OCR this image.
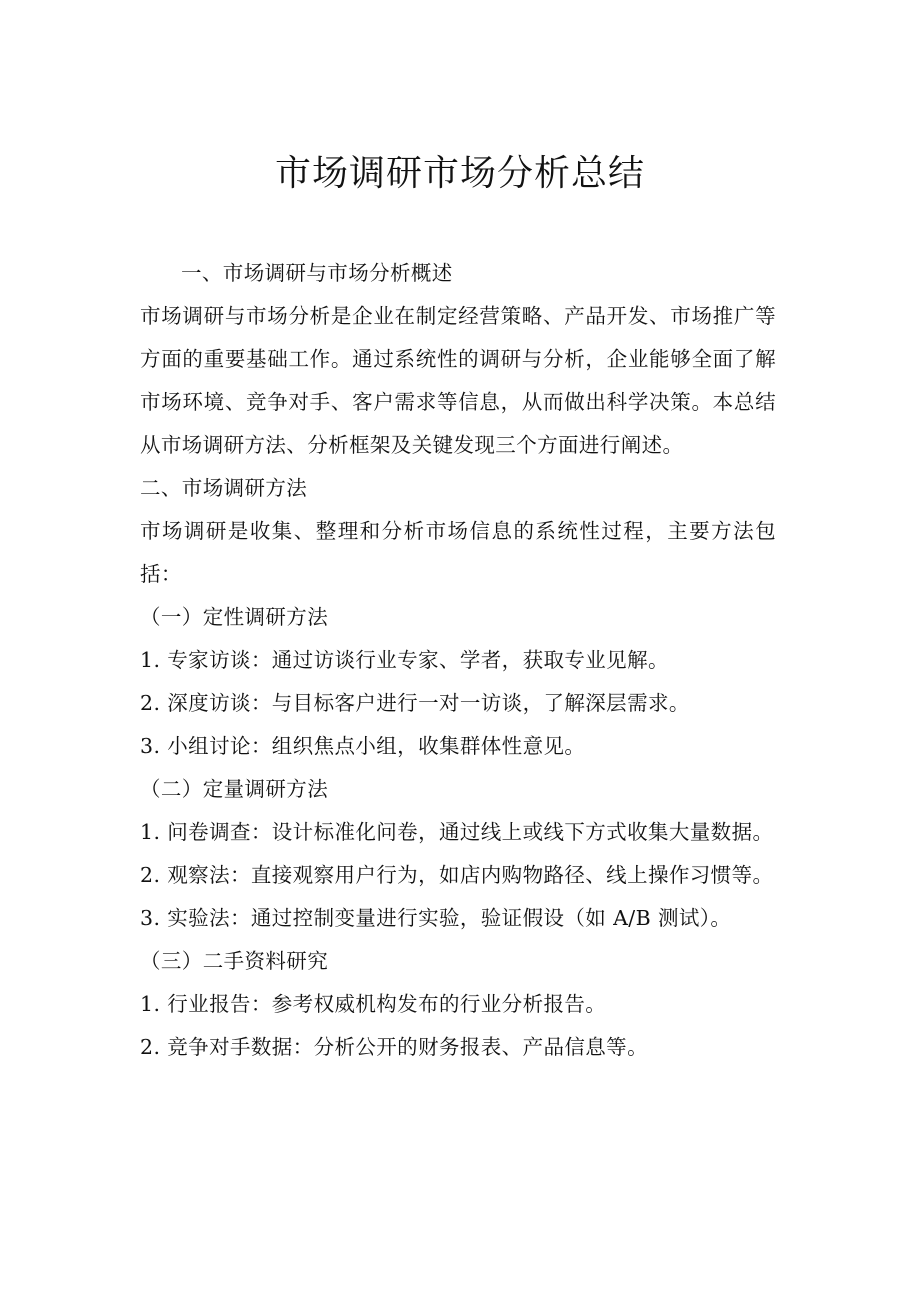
市场调研市场分析总结

一、市场调研与市场分析概述

市场调研与市场分析是企业在制定经营策略、产品开发、市场推广等方面的重要基础工作。通过系统性的调研与分析，企业能够全面了解市场环境、竞争对手、客户需求等信息，从而做出科学决策。本总结从市场调研方法、分析框架及关键发现三个方面进行阐述。

二、市场调研方法

市场调研是收集、整理和分析市场信息的系统性过程，主要方法包括：

（一）定性调研方法

1. 专家访谈：通过访谈行业专家、学者，获取专业见解。

2. 深度访谈：与目标客户进行一对一访谈，了解深层需求。

3. 小组讨论：组织焦点小组，收集群体性意见。

（二）定量调研方法

1. 问卷调查：设计标准化问卷，通过线上或线下方式收集大量数据。

2. 观察法：直接观察用户行为，如店内购物路径、线上操作习惯等。

3. 实验法：通过控制变量进行实验，验证假设（如 A/B 测试）。

（三）二手资料研究

1. 行业报告：参考权威机构发布的行业分析报告。

2. 竞争对手数据：分析公开的财务报表、产品信息等。
